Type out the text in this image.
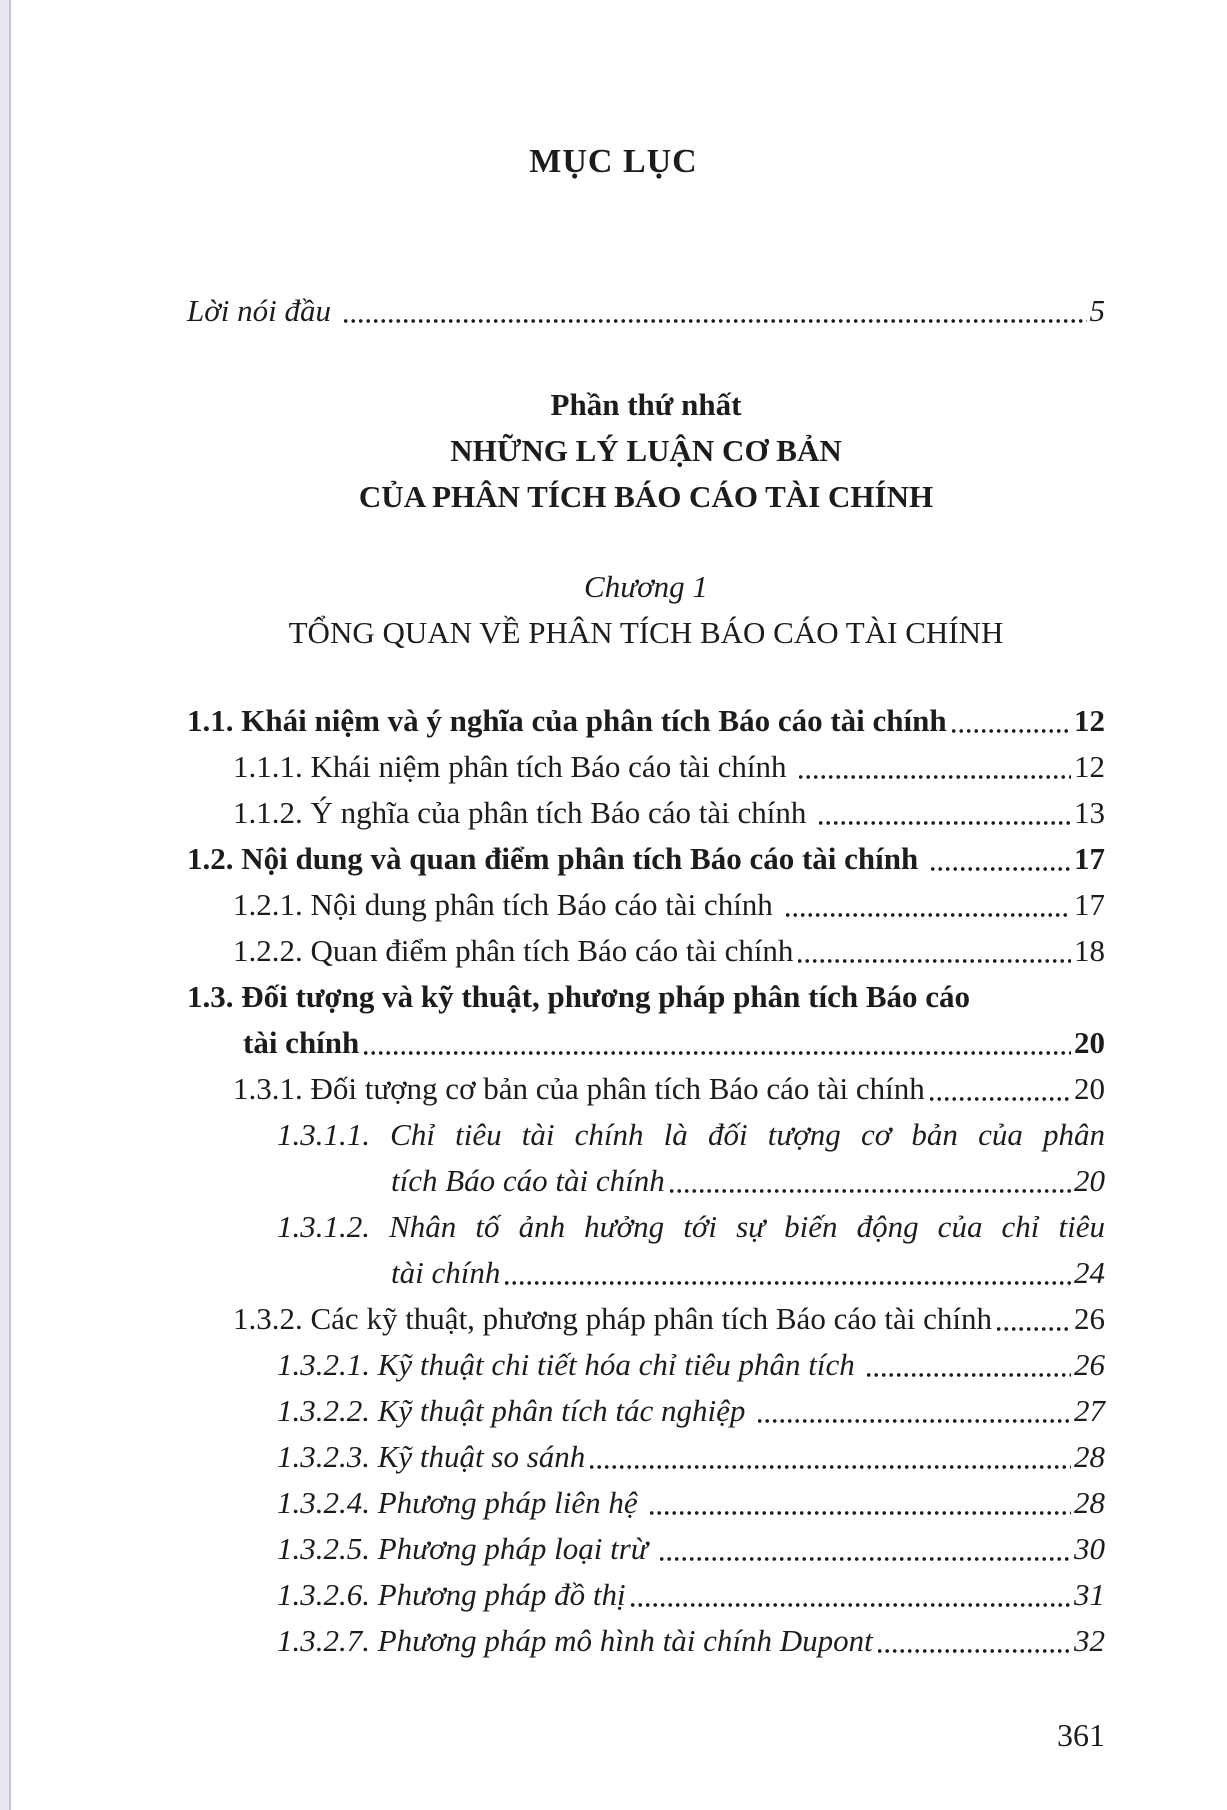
MỤC LỤC
Lời nói đầu	5
Phần thứ nhất
NHỮNG LÝ LUẬN CƠ BẢN
CỦA PHÂN TÍCH BÁO CÁO TÀI CHÍNH
Chương 1
TỔNG QUAN VỀ PHÂN TÍCH BÁO CÁO TÀI CHÍNH
1.1. Khái niệm và ý nghĩa của phân tích Báo cáo tài chính	12
1.1.1. Khái niệm phân tích Báo cáo tài chính	12
1.1.2. Ý nghĩa của phân tích Báo cáo tài chính	13
1.2. Nội dung và quan điểm phân tích Báo cáo tài chính	17
1.2.1. Nội dung phân tích Báo cáo tài chính	17
1.2.2. Quan điểm phân tích Báo cáo tài chính	18
1.3. Đối tượng và kỹ thuật, phương pháp phân tích Báo cáo
tài chính	20
1.3.1. Đối tượng cơ bản của phân tích Báo cáo tài chính	20
1.3.1.1. Chỉ tiêu tài chính là đối tượng cơ bản của phân
tích Báo cáo tài chính	20
1.3.1.2. Nhân tố ảnh hưởng tới sự biến động của chỉ tiêu
tài chính	24
1.3.2. Các kỹ thuật, phương pháp phân tích Báo cáo tài chính	26
1.3.2.1. Kỹ thuật chi tiết hóa chỉ tiêu phân tích	26
1.3.2.2. Kỹ thuật phân tích tác nghiệp	27
1.3.2.3. Kỹ thuật so sánh	28
1.3.2.4. Phương pháp liên hệ	28
1.3.2.5. Phương pháp loại trừ	30
1.3.2.6. Phương pháp đồ thị	31
1.3.2.7. Phương pháp mô hình tài chính Dupont	32
361
